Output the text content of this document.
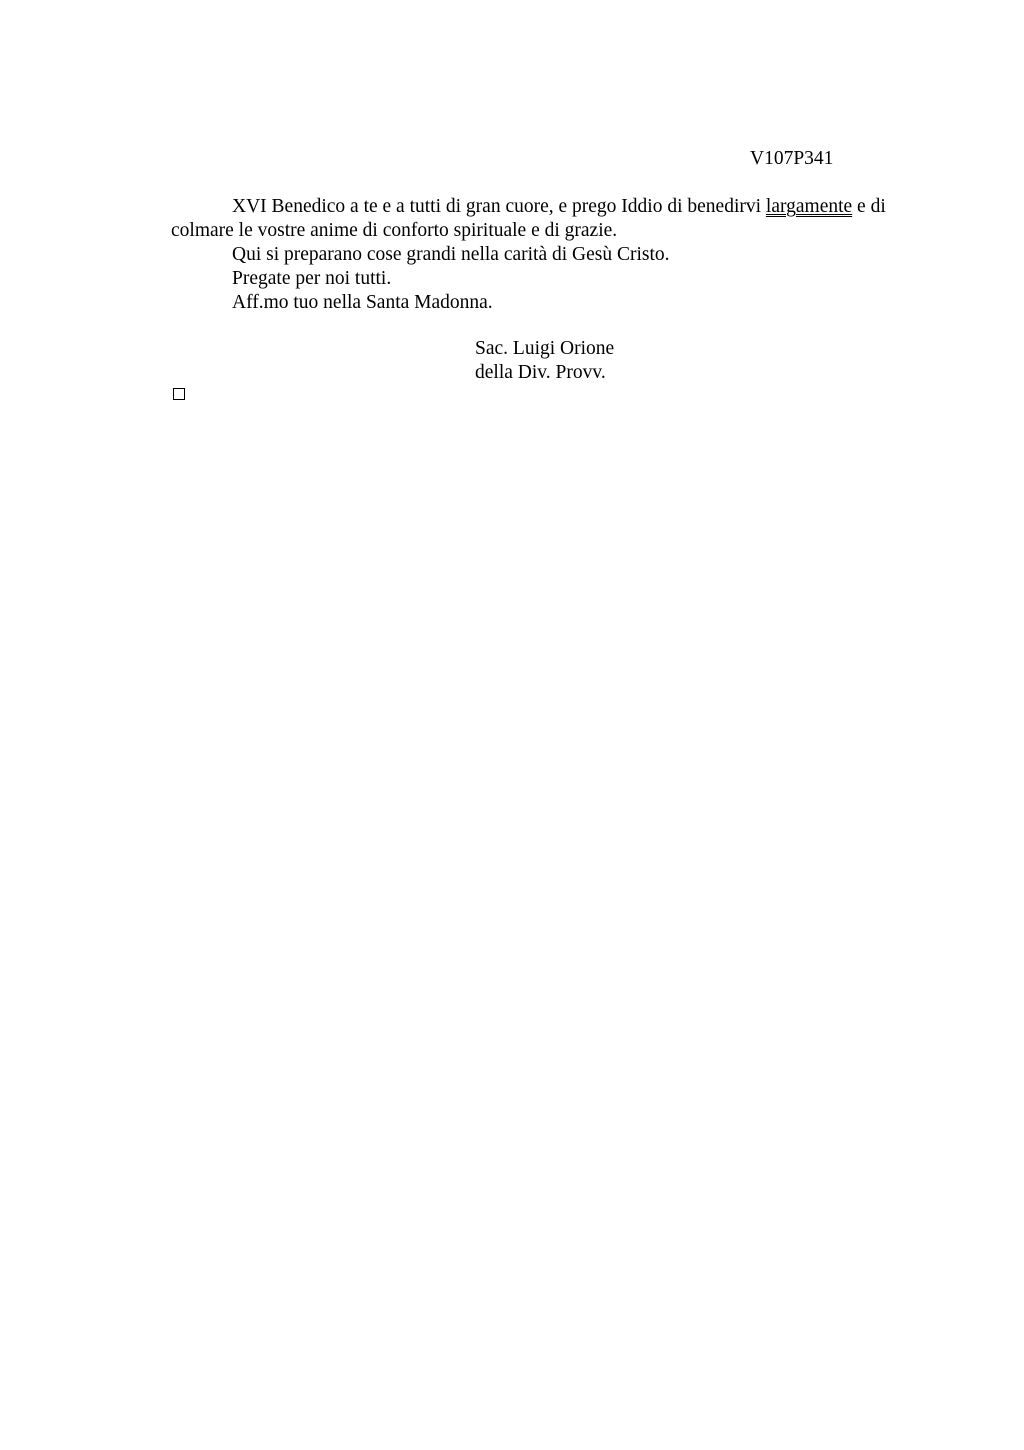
V107P341
XVI Benedico a te e a tutti di gran cuore, e prego Iddio di benedirvi largamente e di
colmare le vostre anime di conforto spirituale e di grazie.
Qui si preparano cose grandi nella carità di Gesù Cristo.
Pregate per noi tutti.
Aff.mo tuo nella Santa Madonna.
Sac. Luigi Orione
della Div. Provv.
